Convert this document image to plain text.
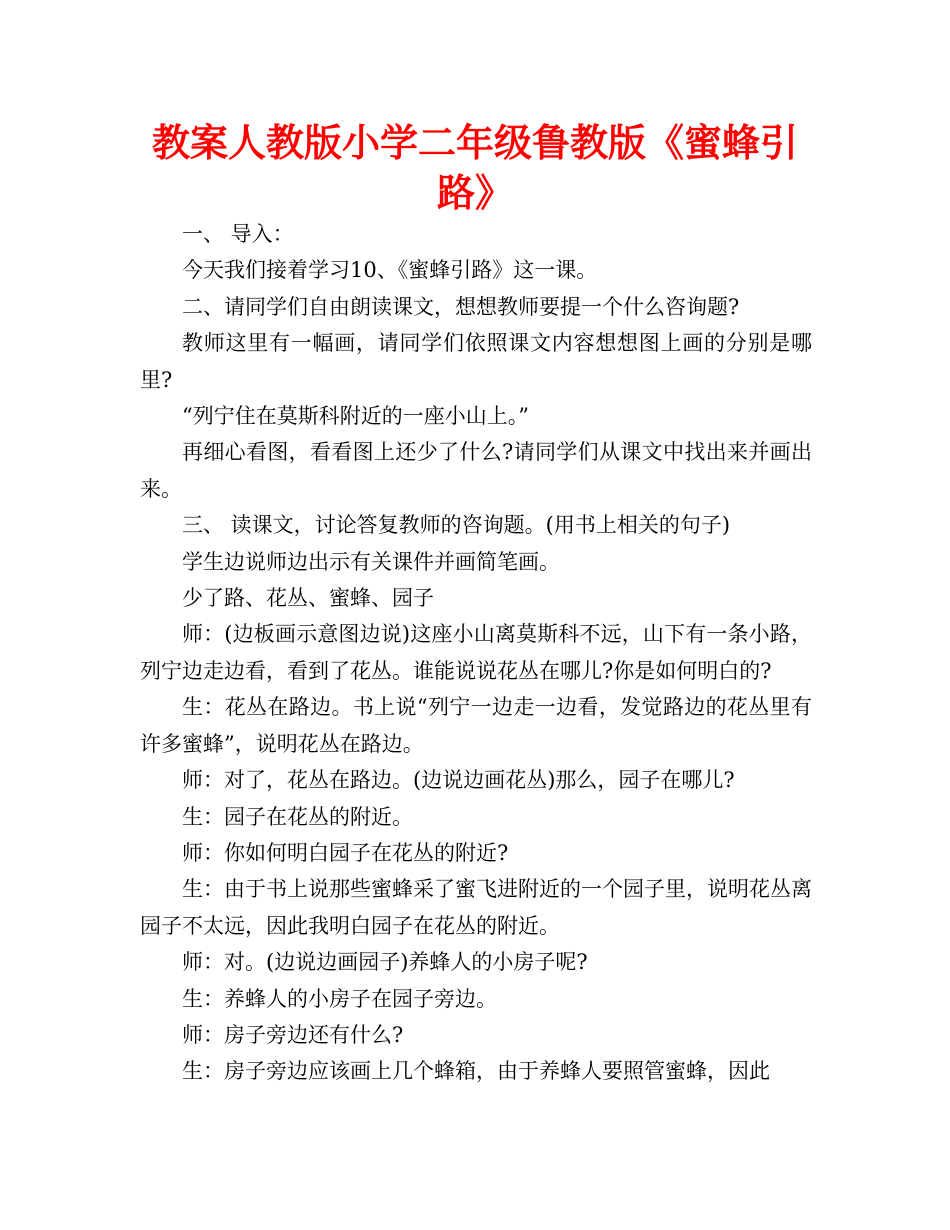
教案人教版小学二年级鲁教版《蜜蜂引路》

一、 导入：

今天我们接着学习10、《蜜蜂引路》这一课。

二、请同学们自由朗读课文，想想教师要提一个什么咨询题?

教师这里有一幅画，请同学们依照课文内容想想图上画的分别是哪里?

“列宁住在莫斯科附近的一座小山上。”

再细心看图，看看图上还少了什么?请同学们从课文中找出来并画出来。

三、 读课文，讨论答复教师的咨询题。(用书上相关的句子)

学生边说师边出示有关课件并画简笔画。

少了路、花丛、蜜蜂、园子

师：(边板画示意图边说)这座小山离莫斯科不远，山下有一条小路，列宁边走边看，看到了花丛。谁能说说花丛在哪儿?你是如何明白的?

生：花丛在路边。书上说“列宁一边走一边看，发觉路边的花丛里有许多蜜蜂”，说明花丛在路边。

师：对了，花丛在路边。(边说边画花丛)那么，园子在哪儿?

生：园子在花丛的附近。

师：你如何明白园子在花丛的附近?

生：由于书上说那些蜜蜂采了蜜飞进附近的一个园子里，说明花丛离园子不太远，因此我明白园子在花丛的附近。

师：对。(边说边画园子)养蜂人的小房子呢?

生：养蜂人的小房子在园子旁边。

师：房子旁边还有什么?

生：房子旁边应该画上几个蜂箱，由于养蜂人要照管蜜蜂，因此
